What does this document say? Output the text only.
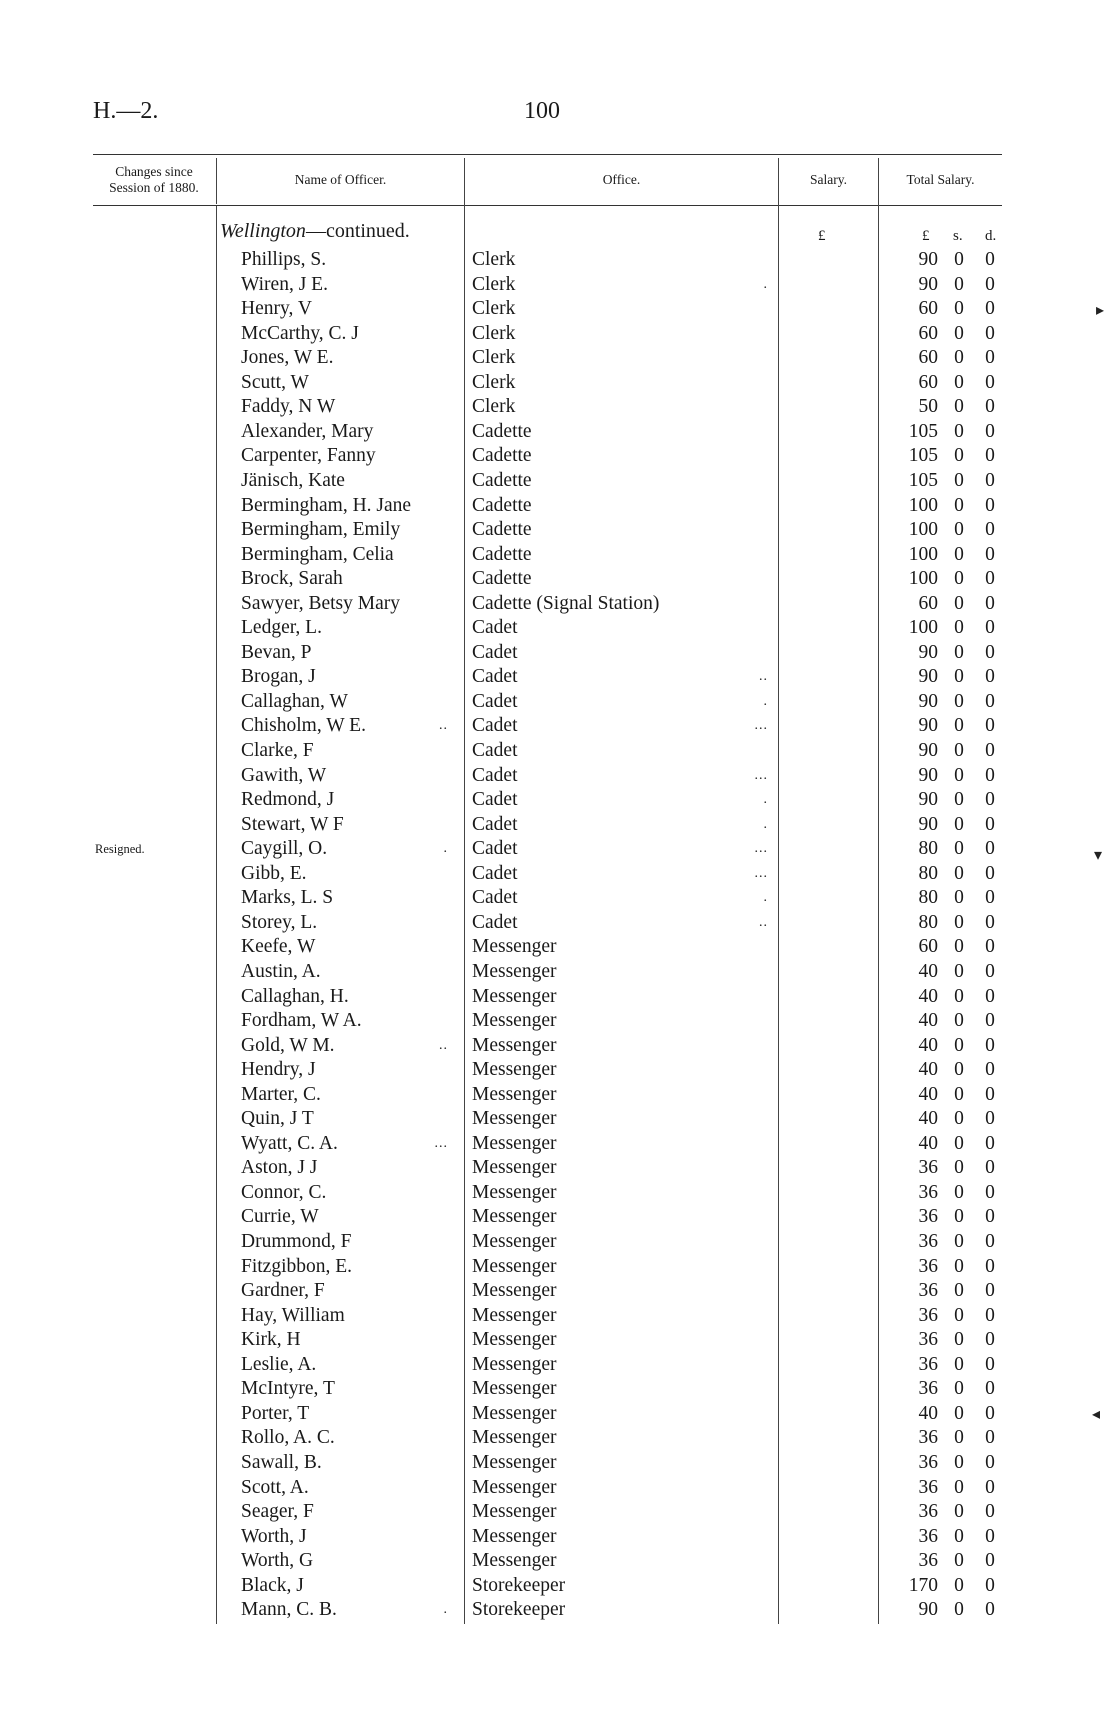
H.—2.	100
Changes since
Session of 1880.
Name of Officer.	Office.	Salary.	Total Salary.
Wellington—continued.	£	£ s. d.
Phillips, S.	Clerk	90 0 0
Wiren, J E.	Clerk	.	90 0 0
Henry, V	Clerk	60 0 0
McCarthy, C. J	Clerk	60 0 0
Jones, W E.	Clerk	60 0 0
Scutt, W	Clerk	60 0 0
Faddy, N W	Clerk	50 0 0
Alexander, Mary	Cadette	105 0 0
Carpenter, Fanny	Cadette	105 0 0
Jänisch, Kate	Cadette	105 0 0
Bermingham, H. Jane	Cadette	100 0 0
Bermingham, Emily	Cadette	100 0 0
Bermingham, Celia	Cadette	100 0 0
Brock, Sarah	Cadette	100 0 0
Sawyer, Betsy Mary	Cadette (Signal Station)	60 0 0
Ledger, L.	Cadet	100 0 0
Bevan, P	Cadet	90 0 0
Brogan, J	Cadet	..	90 0 0
Callaghan, W	Cadet	.	90 0 0
Chisholm, W E.	.. Cadet	...	90 0 0
Clarke, F	Cadet	90 0 0
Gawith, W	Cadet	...	90 0 0
Redmond, J	Cadet	.	90 0 0
Stewart, W F	Cadet	.	90 0 0
Resigned.	Caygill, O.	. Cadet	...	80 0 0
Gibb, E.	Cadet	...	80 0 0
Marks, L. S	Cadet	.	80 0 0
Storey, L.	Cadet	..	80 0 0
Keefe, W	Messenger	60 0 0
Austin, A.	Messenger	40 0 0
Callaghan, H.	Messenger	40 0 0
Fordham, W A.	Messenger	40 0 0
Gold, W M.	.. Messenger	40 0 0
Hendry, J	Messenger	40 0 0
Marter, C.	Messenger	40 0 0
Quin, J T	Messenger	40 0 0
Wyatt, C. A.	... Messenger	40 0 0
Aston, J J	Messenger	36 0 0
Connor, C.	Messenger	36 0 0
Currie, W	Messenger	36 0 0
Drummond, F	Messenger	36 0 0
Fitzgibbon, E.	Messenger	36 0 0
Gardner, F	Messenger	36 0 0
Hay, William	Messenger	36 0 0
Kirk, H	Messenger	36 0 0
Leslie, A.	Messenger	36 0 0
McIntyre, T	Messenger	36 0 0
Porter, T	Messenger	40 0 0
Rollo, A. C.	Messenger	36 0 0
Sawall, B.	Messenger	36 0 0
Scott, A.	Messenger	36 0 0
Seager, F	Messenger	36 0 0
Worth, J	Messenger	36 0 0
Worth, G	Messenger	36 0 0
Black, J	Storekeeper	170 0 0
Mann, C. B.	. Storekeeper	90 0 0
▸
▾
◂
